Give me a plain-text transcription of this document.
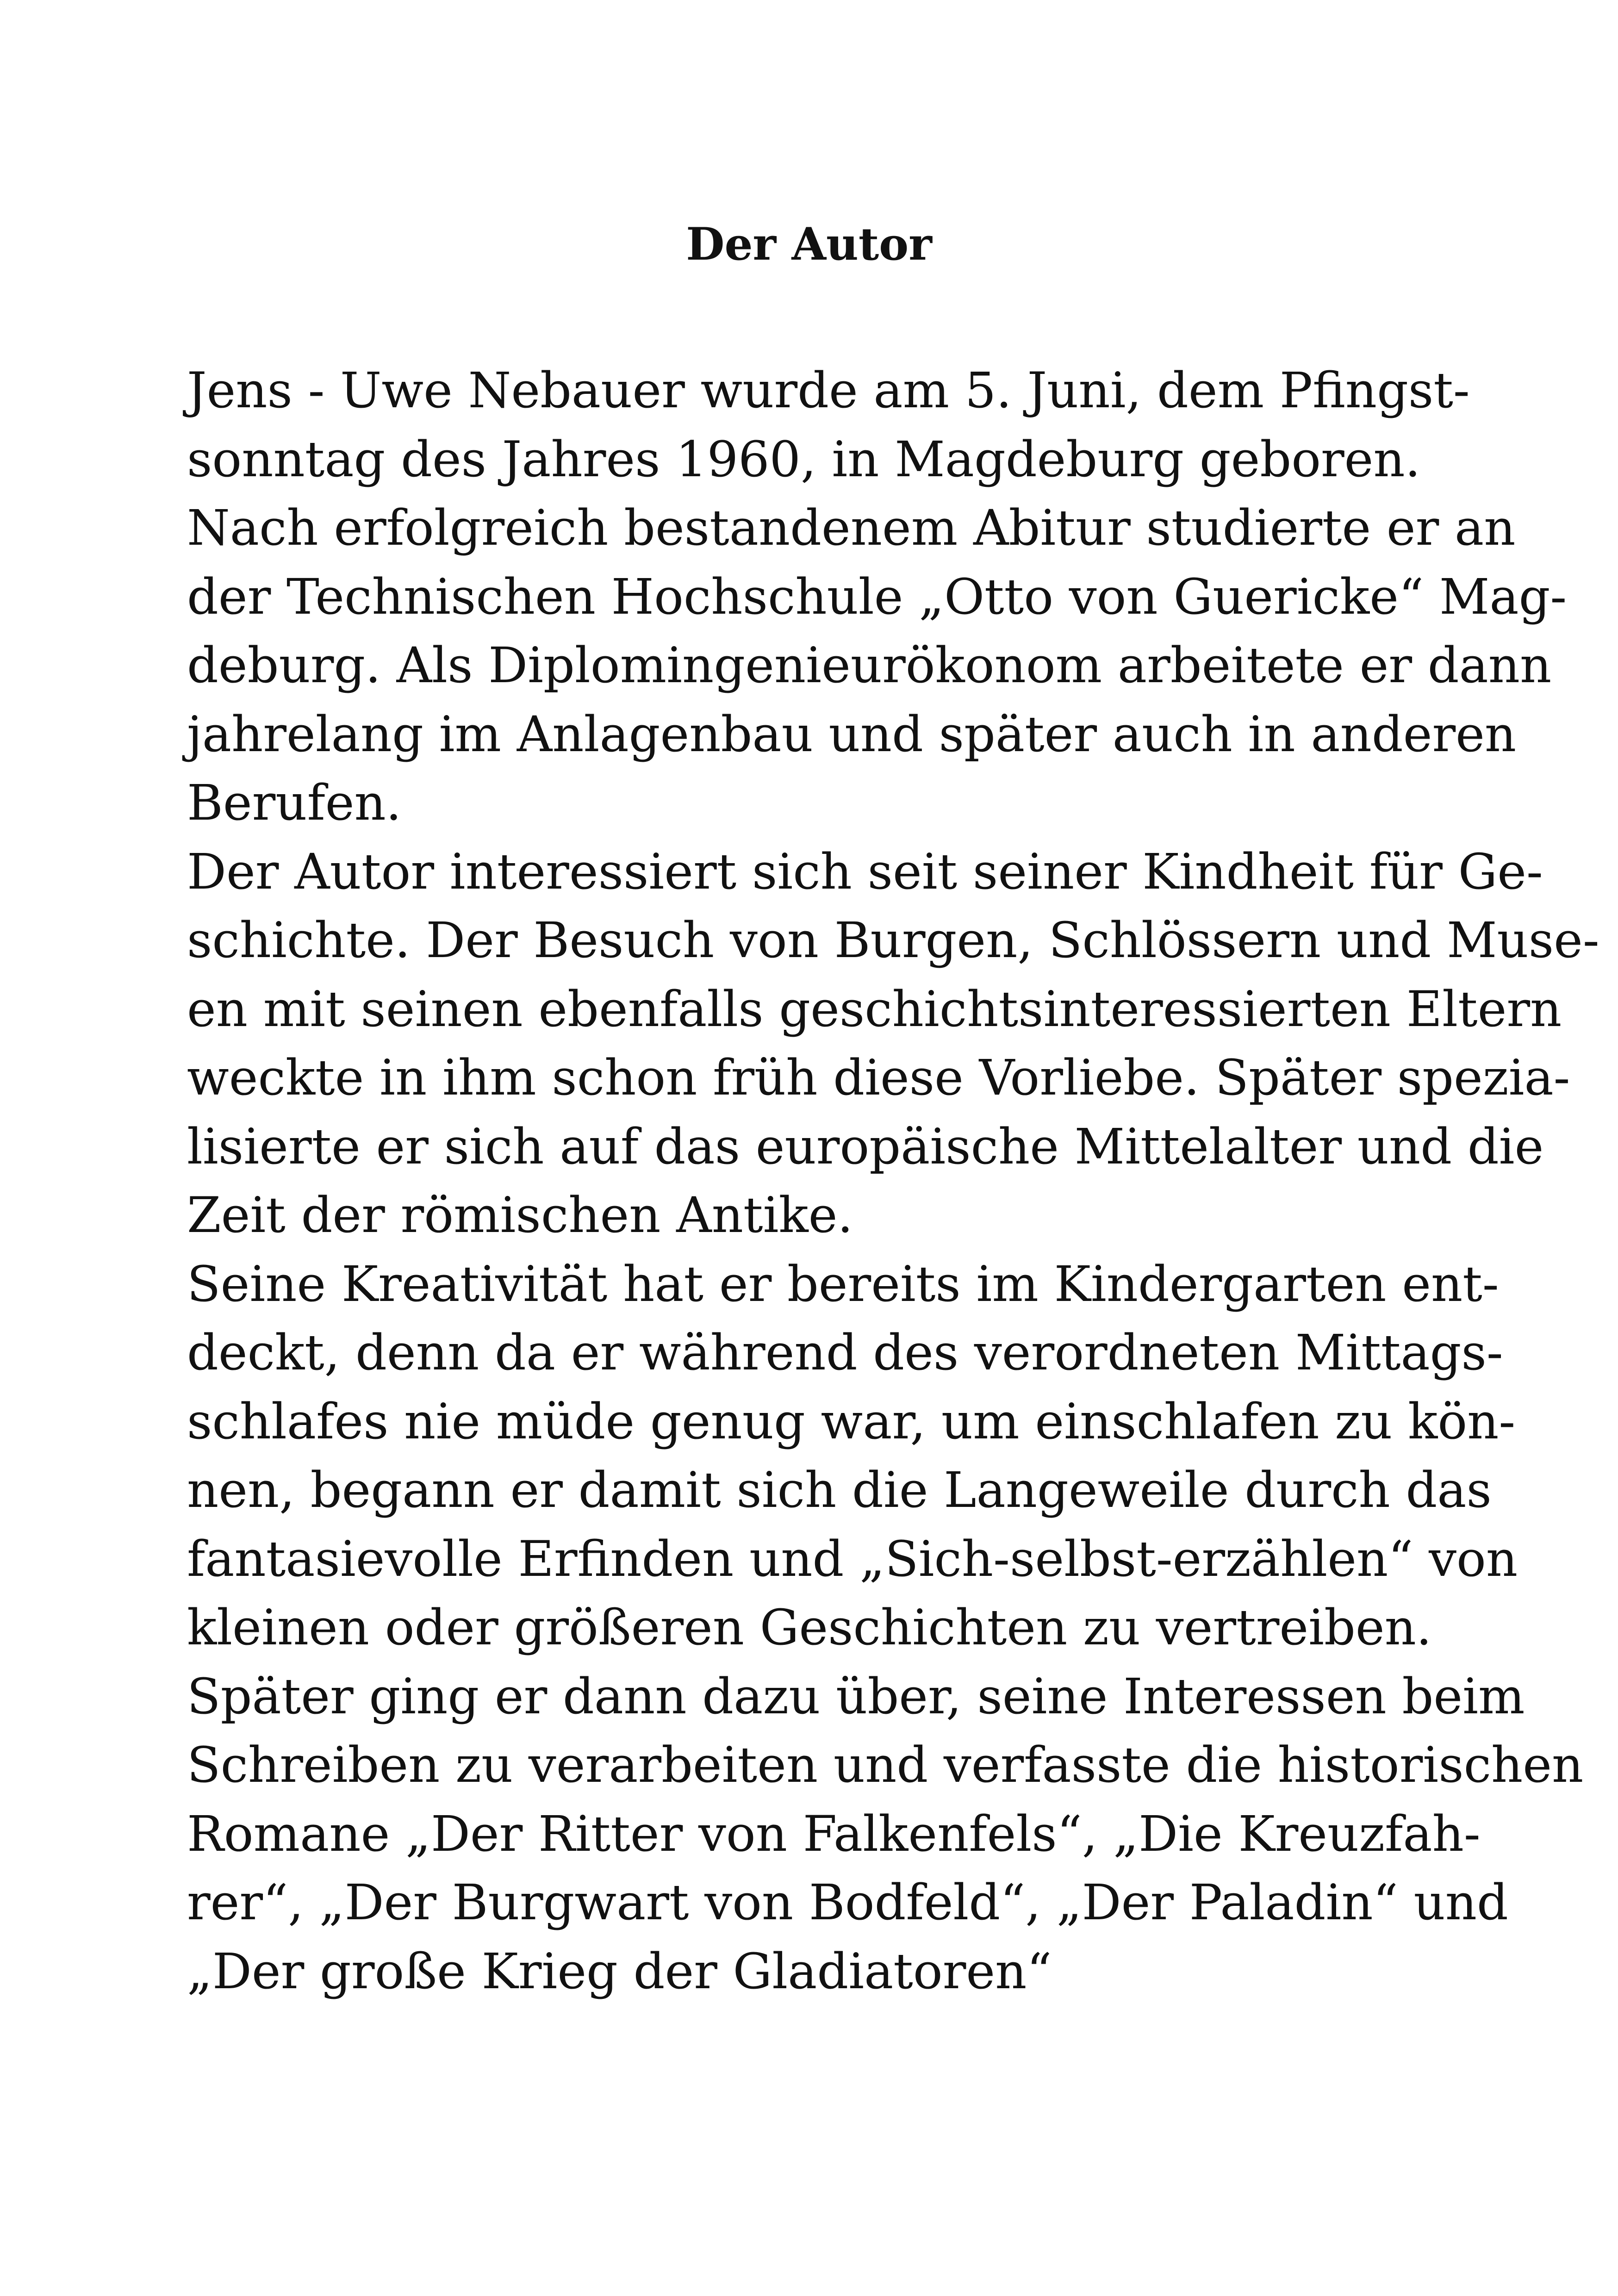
Der Autor
Jens - Uwe Nebauer wurde am 5. Juni, dem Pfingst-
sonntag des Jahres 1960, in Magdeburg geboren.
Nach erfolgreich bestandenem Abitur studierte er an
der Technischen Hochschule „Otto von Guericke“ Mag-
deburg. Als Diplomingenieurökonom arbeitete er dann
jahrelang im Anlagenbau und später auch in anderen
Berufen.
Der Autor interessiert sich seit seiner Kindheit für Ge-
schichte. Der Besuch von Burgen, Schlössern und Muse-
en mit seinen ebenfalls geschichtsinteressierten Eltern
weckte in ihm schon früh diese Vorliebe. Später spezia-
lisierte er sich auf das europäische Mittelalter und die
Zeit der römischen Antike.
Seine Kreativität hat er bereits im Kindergarten ent-
deckt, denn da er während des verordneten Mittags-
schlafes nie müde genug war, um einschlafen zu kön-
nen, begann er damit sich die Langeweile durch das
fantasievolle Erfinden und „Sich-selbst-erzählen“ von
kleinen oder größeren Geschichten zu vertreiben.
Später ging er dann dazu über, seine Interessen beim
Schreiben zu verarbeiten und verfasste die historischen
Romane „Der Ritter von Falkenfels“, „Die Kreuzfah-
rer“, „Der Burgwart von Bodfeld“, „Der Paladin“ und
„Der große Krieg der Gladiatoren“
